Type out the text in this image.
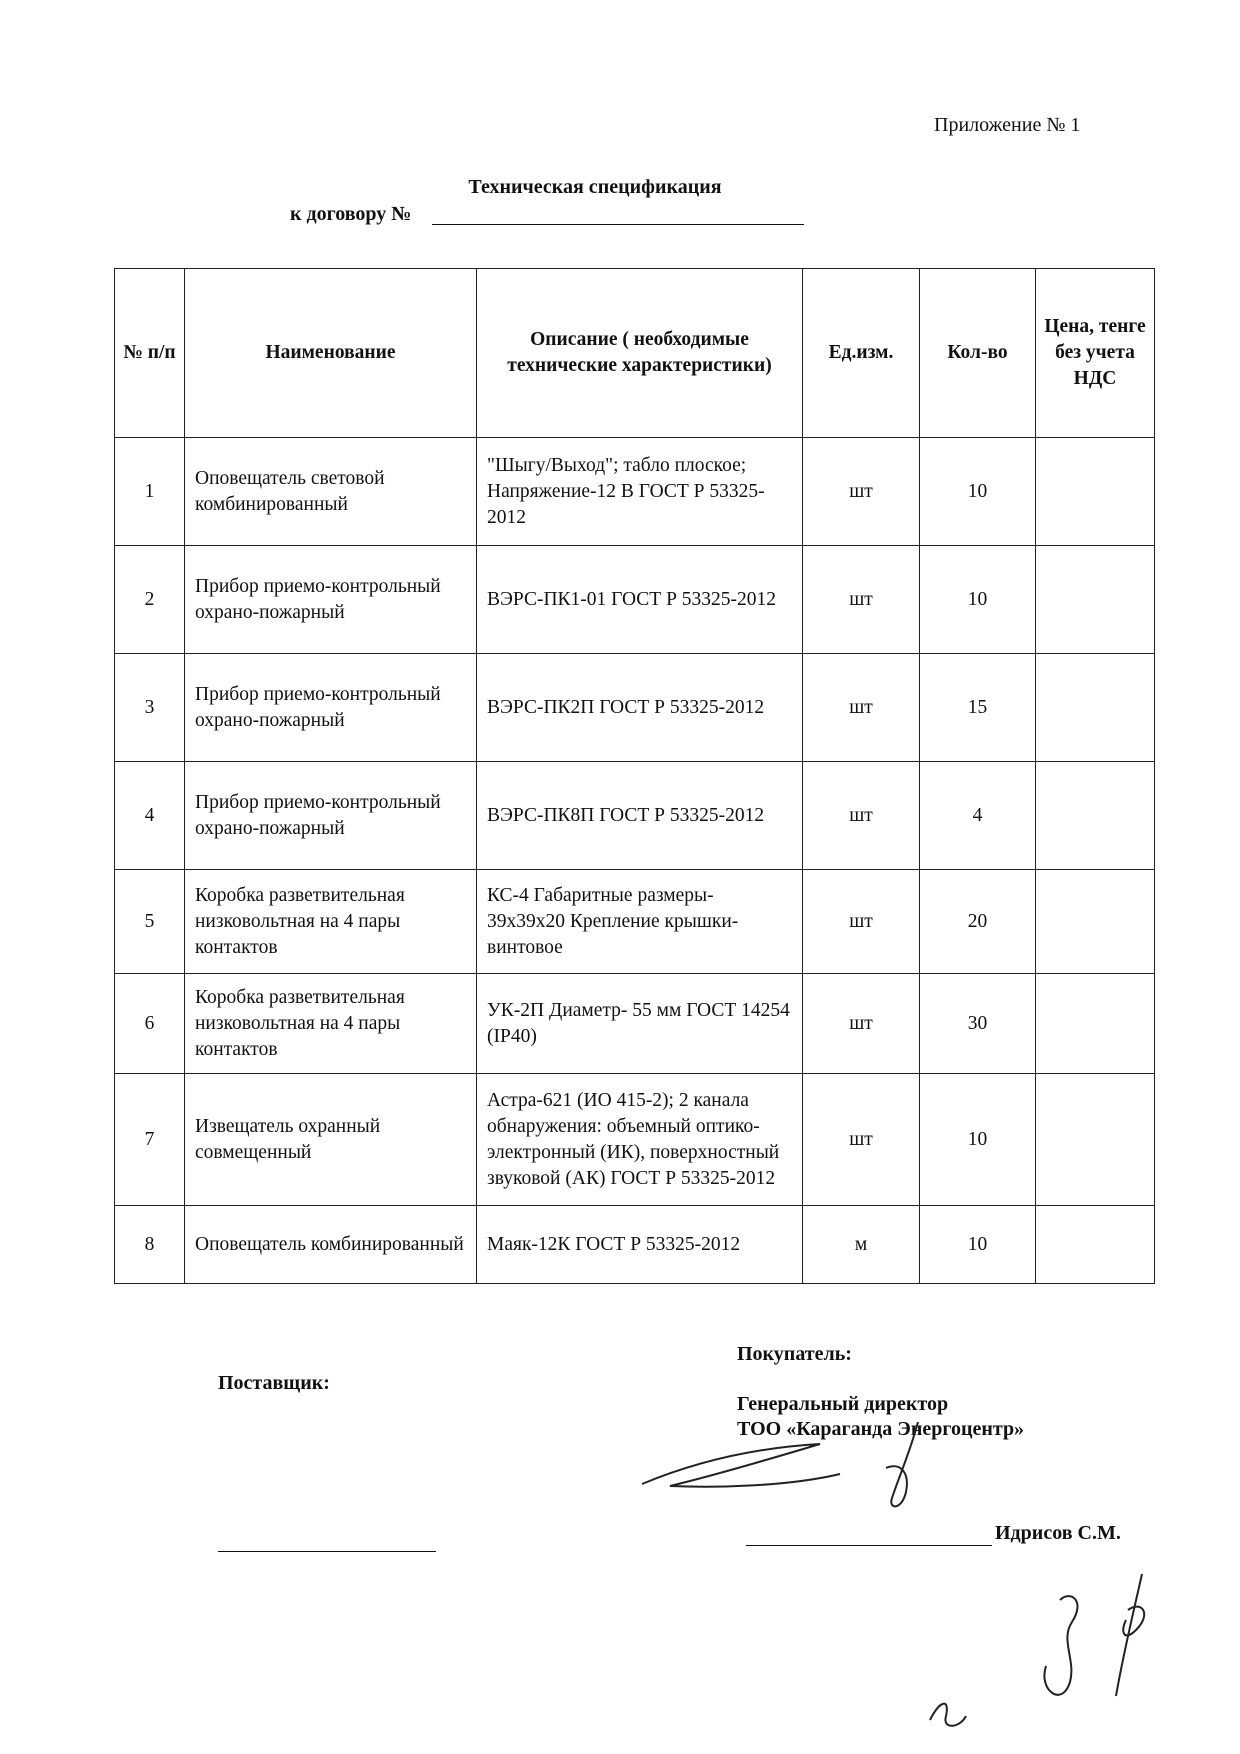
Приложение № 1
Техническая спецификация
к договору №
№ п/п	Наименование	Описание ( необходимые технические характеристики)	Ед.изм.	Кол-во	Цена, тенге без учета НДС
1	Оповещатель световой комбинированный	"Шыгу/Выход"; табло плоское; Напряжение-12 В ГОСТ Р 53325-2012	шт	10	
2	Прибор приемо-контрольный охрано-пожарный	ВЭРС-ПК1-01 ГОСТ Р 53325-2012	шт	10	
3	Прибор приемо-контрольный охрано-пожарный	ВЭРС-ПК2П ГОСТ Р 53325-2012	шт	15	
4	Прибор приемо-контрольный охрано-пожарный	ВЭРС-ПК8П ГОСТ Р 53325-2012	шт	4	
5	Коробка разветвительная низковольтная на 4 пары контактов	КС-4 Габаритные размеры- 39х39х20 Крепление крышки- винтовое	шт	20	
6	Коробка разветвительная низковольтная на 4 пары контактов	УК-2П Диаметр- 55 мм ГОСТ 14254 (IP40)	шт	30	
7	Извещатель охранный совмещенный	Астра-621 (ИО 415-2); 2 канала обнаружения: объемный оптико-электронный (ИК), поверхностный звуковой (АК) ГОСТ Р 53325-2012	шт	10	
8	Оповещатель комбинированный	Маяк-12К ГОСТ Р 53325-2012	м	10	
Поставщик:
Покупатель:
Генеральный директор
ТОО «Караганда Энергоцентр»
Идрисов С.М.
